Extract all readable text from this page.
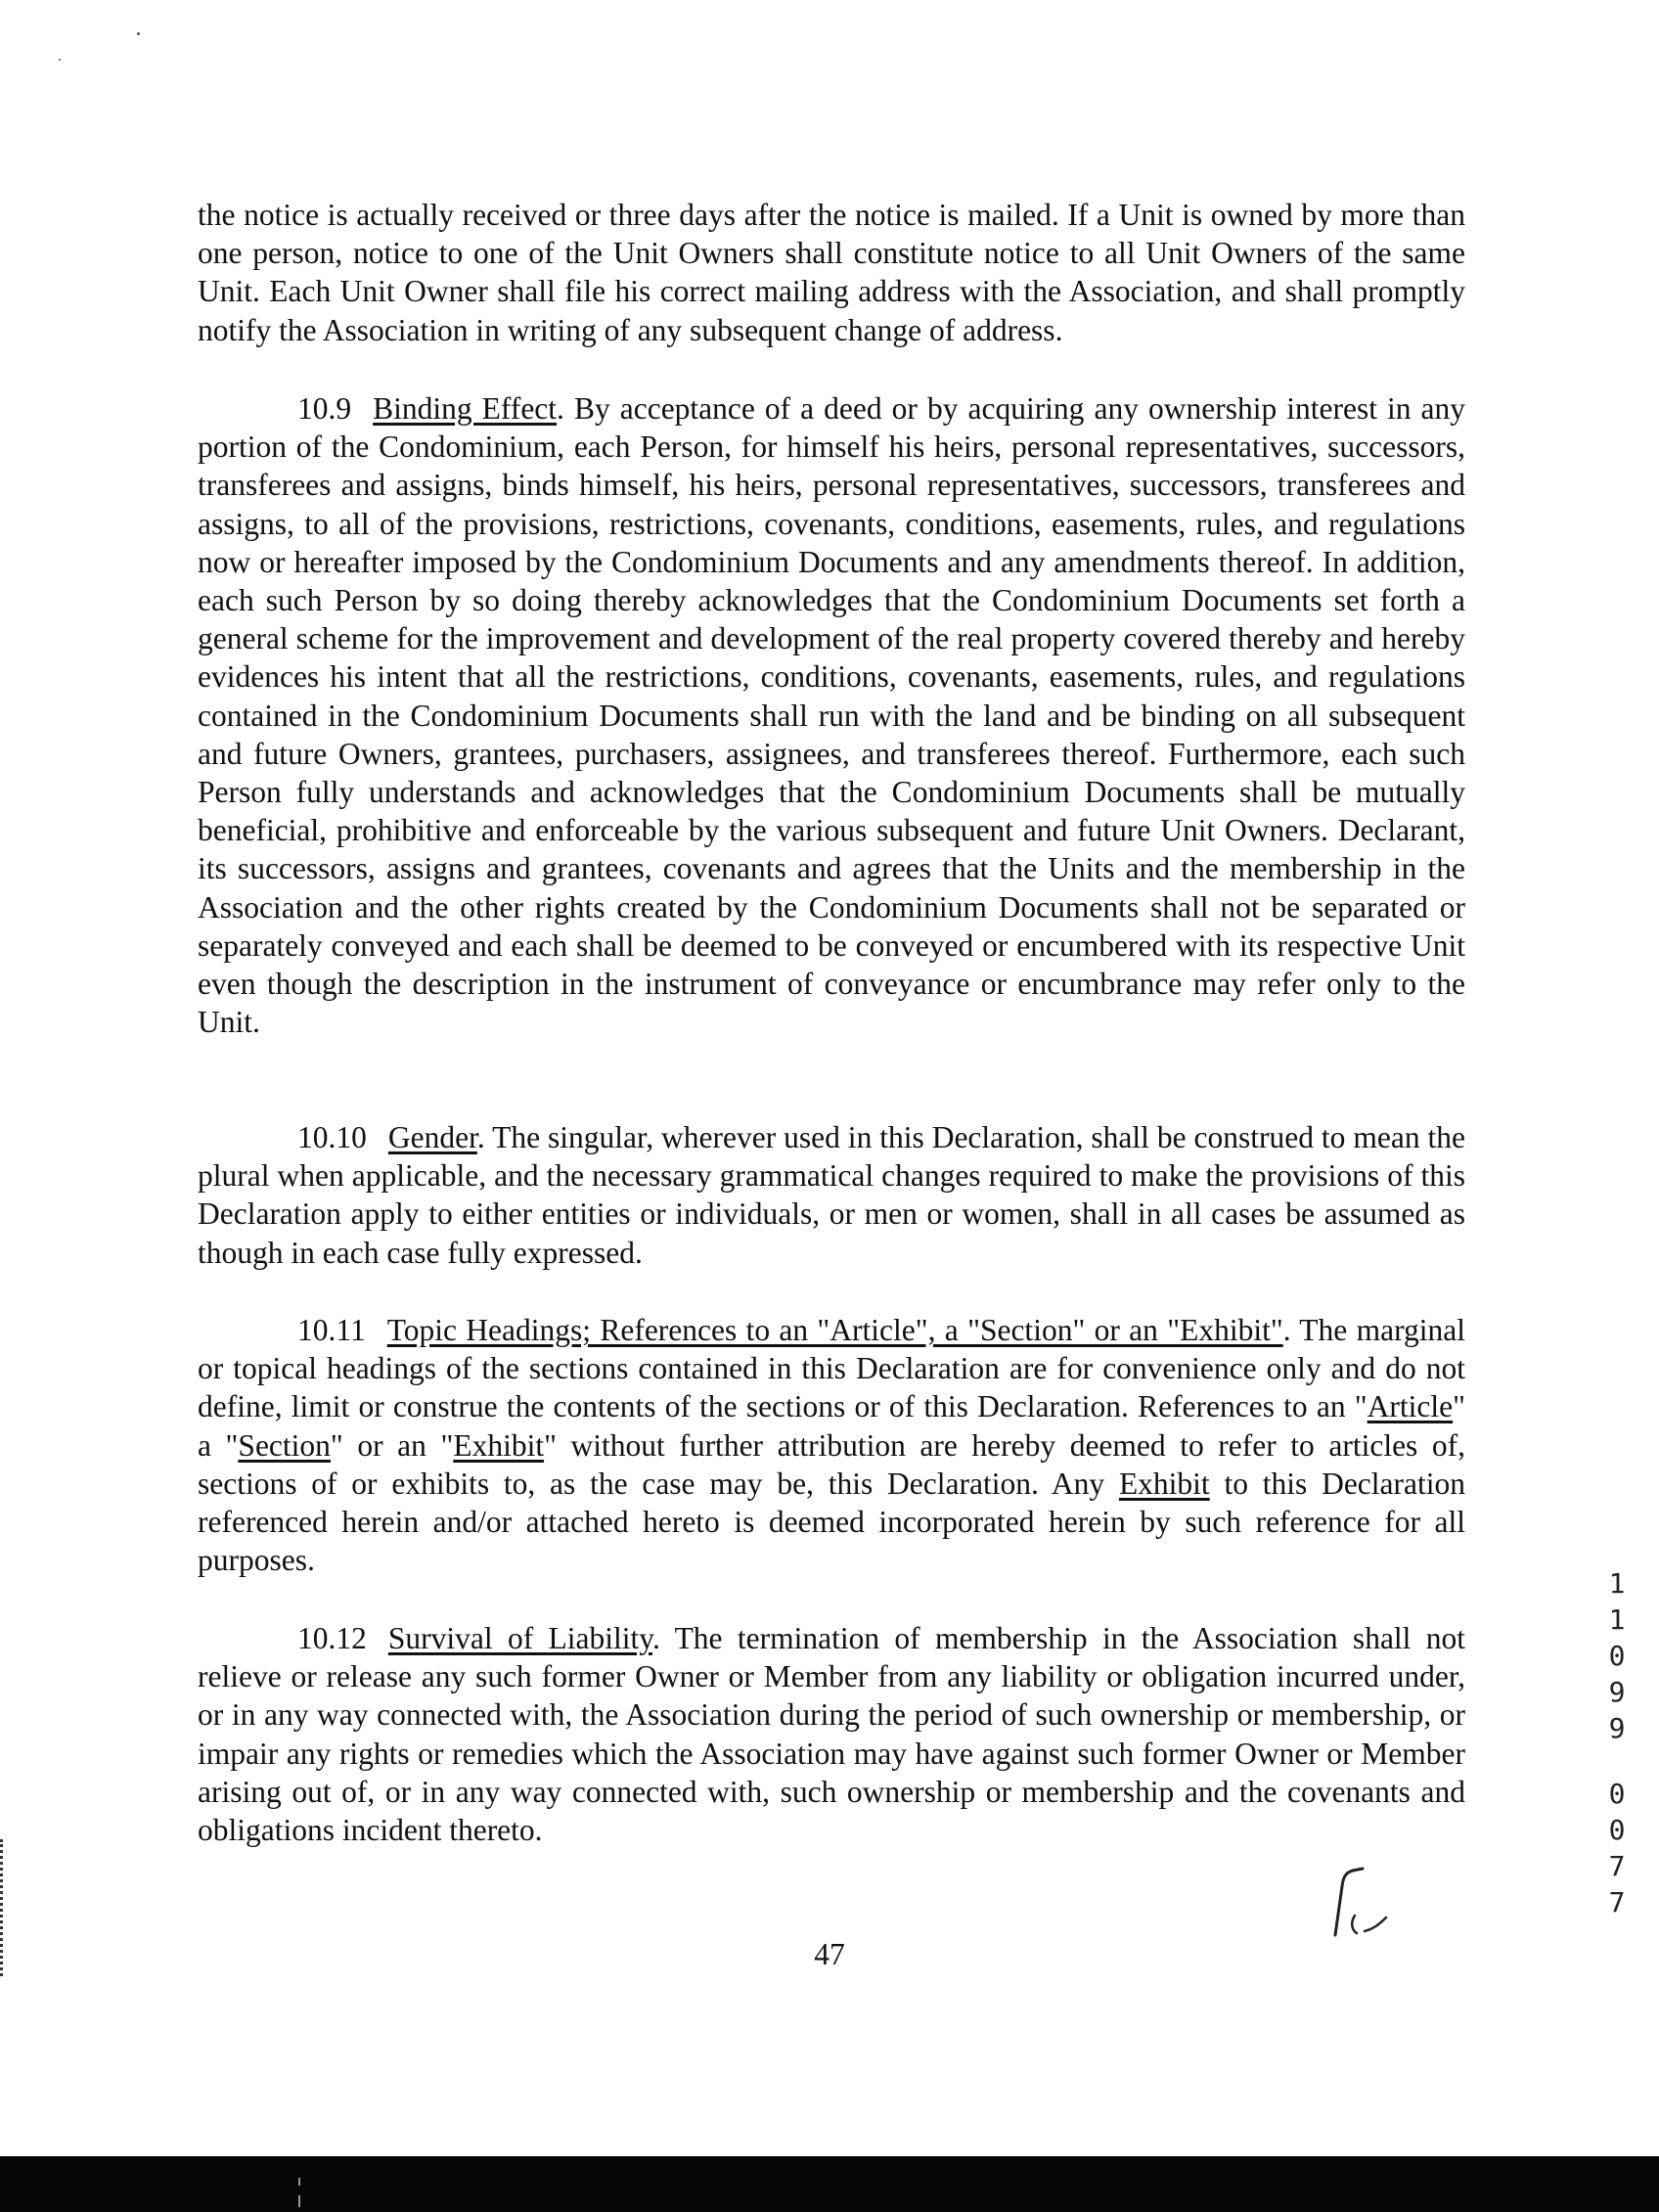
the notice is actually received or three days after the notice is mailed. If a Unit is owned by more than one person, notice to one of the Unit Owners shall constitute notice to all Unit Owners of the same Unit. Each Unit Owner shall file his correct mailing address with the Association, and shall promptly notify the Association in writing of any subsequent change of address.

10.9 Binding Effect. By acceptance of a deed or by acquiring any ownership interest in any portion of the Condominium, each Person, for himself his heirs, personal representatives, successors, transferees and assigns, binds himself, his heirs, personal representatives, successors, transferees and assigns, to all of the provisions, restrictions, covenants, conditions, easements, rules, and regulations now or hereafter imposed by the Condominium Documents and any amendments thereof. In addition, each such Person by so doing thereby acknowledges that the Condominium Documents set forth a general scheme for the improvement and development of the real property covered thereby and hereby evidences his intent that all the restrictions, conditions, covenants, easements, rules, and regulations contained in the Condominium Documents shall run with the land and be binding on all subsequent and future Owners, grantees, purchasers, assignees, and transferees thereof. Furthermore, each such Person fully understands and acknowledges that the Condominium Documents shall be mutually beneficial, prohibitive and enforceable by the various subsequent and future Unit Owners. Declarant, its successors, assigns and grantees, covenants and agrees that the Units and the membership in the Association and the other rights created by the Condominium Documents shall not be separated or separately conveyed and each shall be deemed to be conveyed or encumbered with its respective Unit even though the description in the instrument of conveyance or encumbrance may refer only to the Unit.

10.10 Gender. The singular, wherever used in this Declaration, shall be construed to mean the plural when applicable, and the necessary grammatical changes required to make the provisions of this Declaration apply to either entities or individuals, or men or women, shall in all cases be assumed as though in each case fully expressed.

10.11 Topic Headings; References to an "Article", a "Section" or an "Exhibit". The marginal or topical headings of the sections contained in this Declaration are for convenience only and do not define, limit or construe the contents of the sections or of this Declaration. References to an "Article" a "Section" or an "Exhibit" without further attribution are hereby deemed to refer to articles of, sections of or exhibits to, as the case may be, this Declaration. Any Exhibit to this Declaration referenced herein and/or attached hereto is deemed incorporated herein by such reference for all purposes.

10.12 Survival of Liability. The termination of membership in the Association shall not relieve or release any such former Owner or Member from any liability or obligation incurred under, or in any way connected with, the Association during the period of such ownership or membership, or impair any rights or remedies which the Association may have against such former Owner or Member arising out of, or in any way connected with, such ownership or membership and the covenants and obligations incident thereto.

1
1
0
9
9
0
0
7
7
47
